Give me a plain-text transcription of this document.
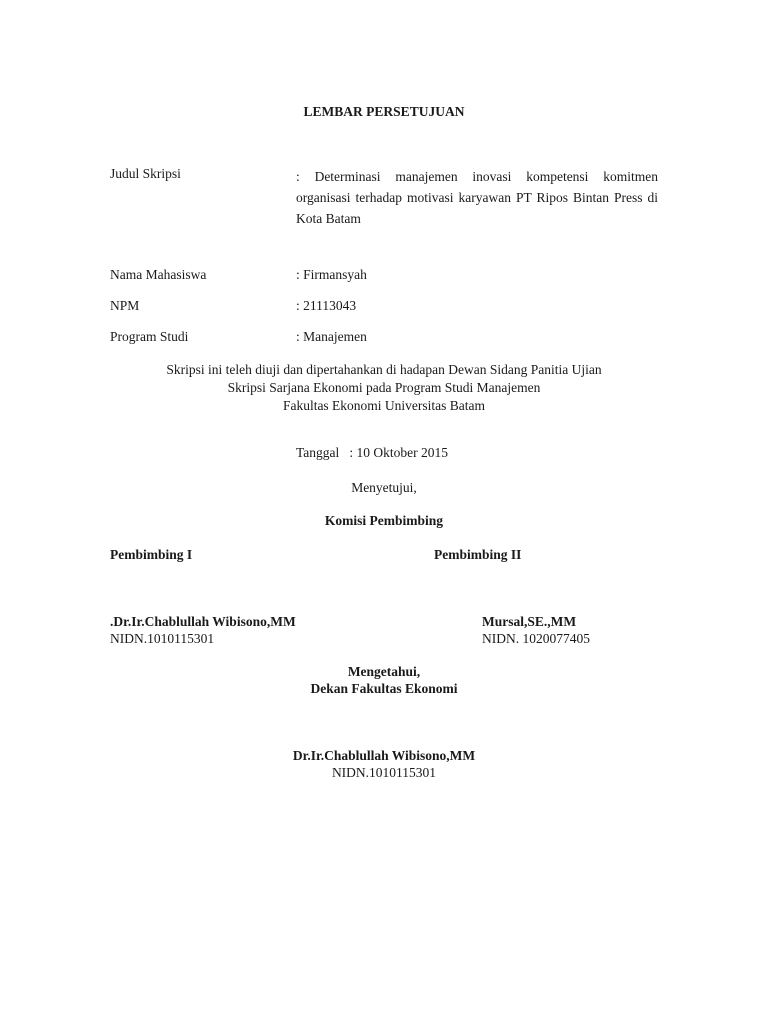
LEMBAR PERSETUJUAN
Judul Skripsi	: Determinasi manajemen inovasi kompetensi komitmen organisasi terhadap motivasi karyawan PT Ripos Bintan Press di Kota Batam
Nama Mahasiswa	: Firmansyah
NPM	: 21113043
Program Studi	: Manajemen
Skripsi ini teleh diuji dan dipertahankan di hadapan Dewan Sidang Panitia Ujian
Skripsi Sarjana Ekonomi pada Program Studi Manajemen
Fakultas Ekonomi Universitas Batam
Tanggal   : 10 Oktober 2015
Menyetujui,
Komisi Pembimbing
Pembimbing I	Pembimbing II
.Dr.Ir.Chablullah Wibisono,MM
NIDN.1010115301
Mursal,SE.,MM
NIDN. 1020077405
Mengetahui,
Dekan Fakultas Ekonomi
Dr.Ir.Chablullah Wibisono,MM
NIDN.1010115301
